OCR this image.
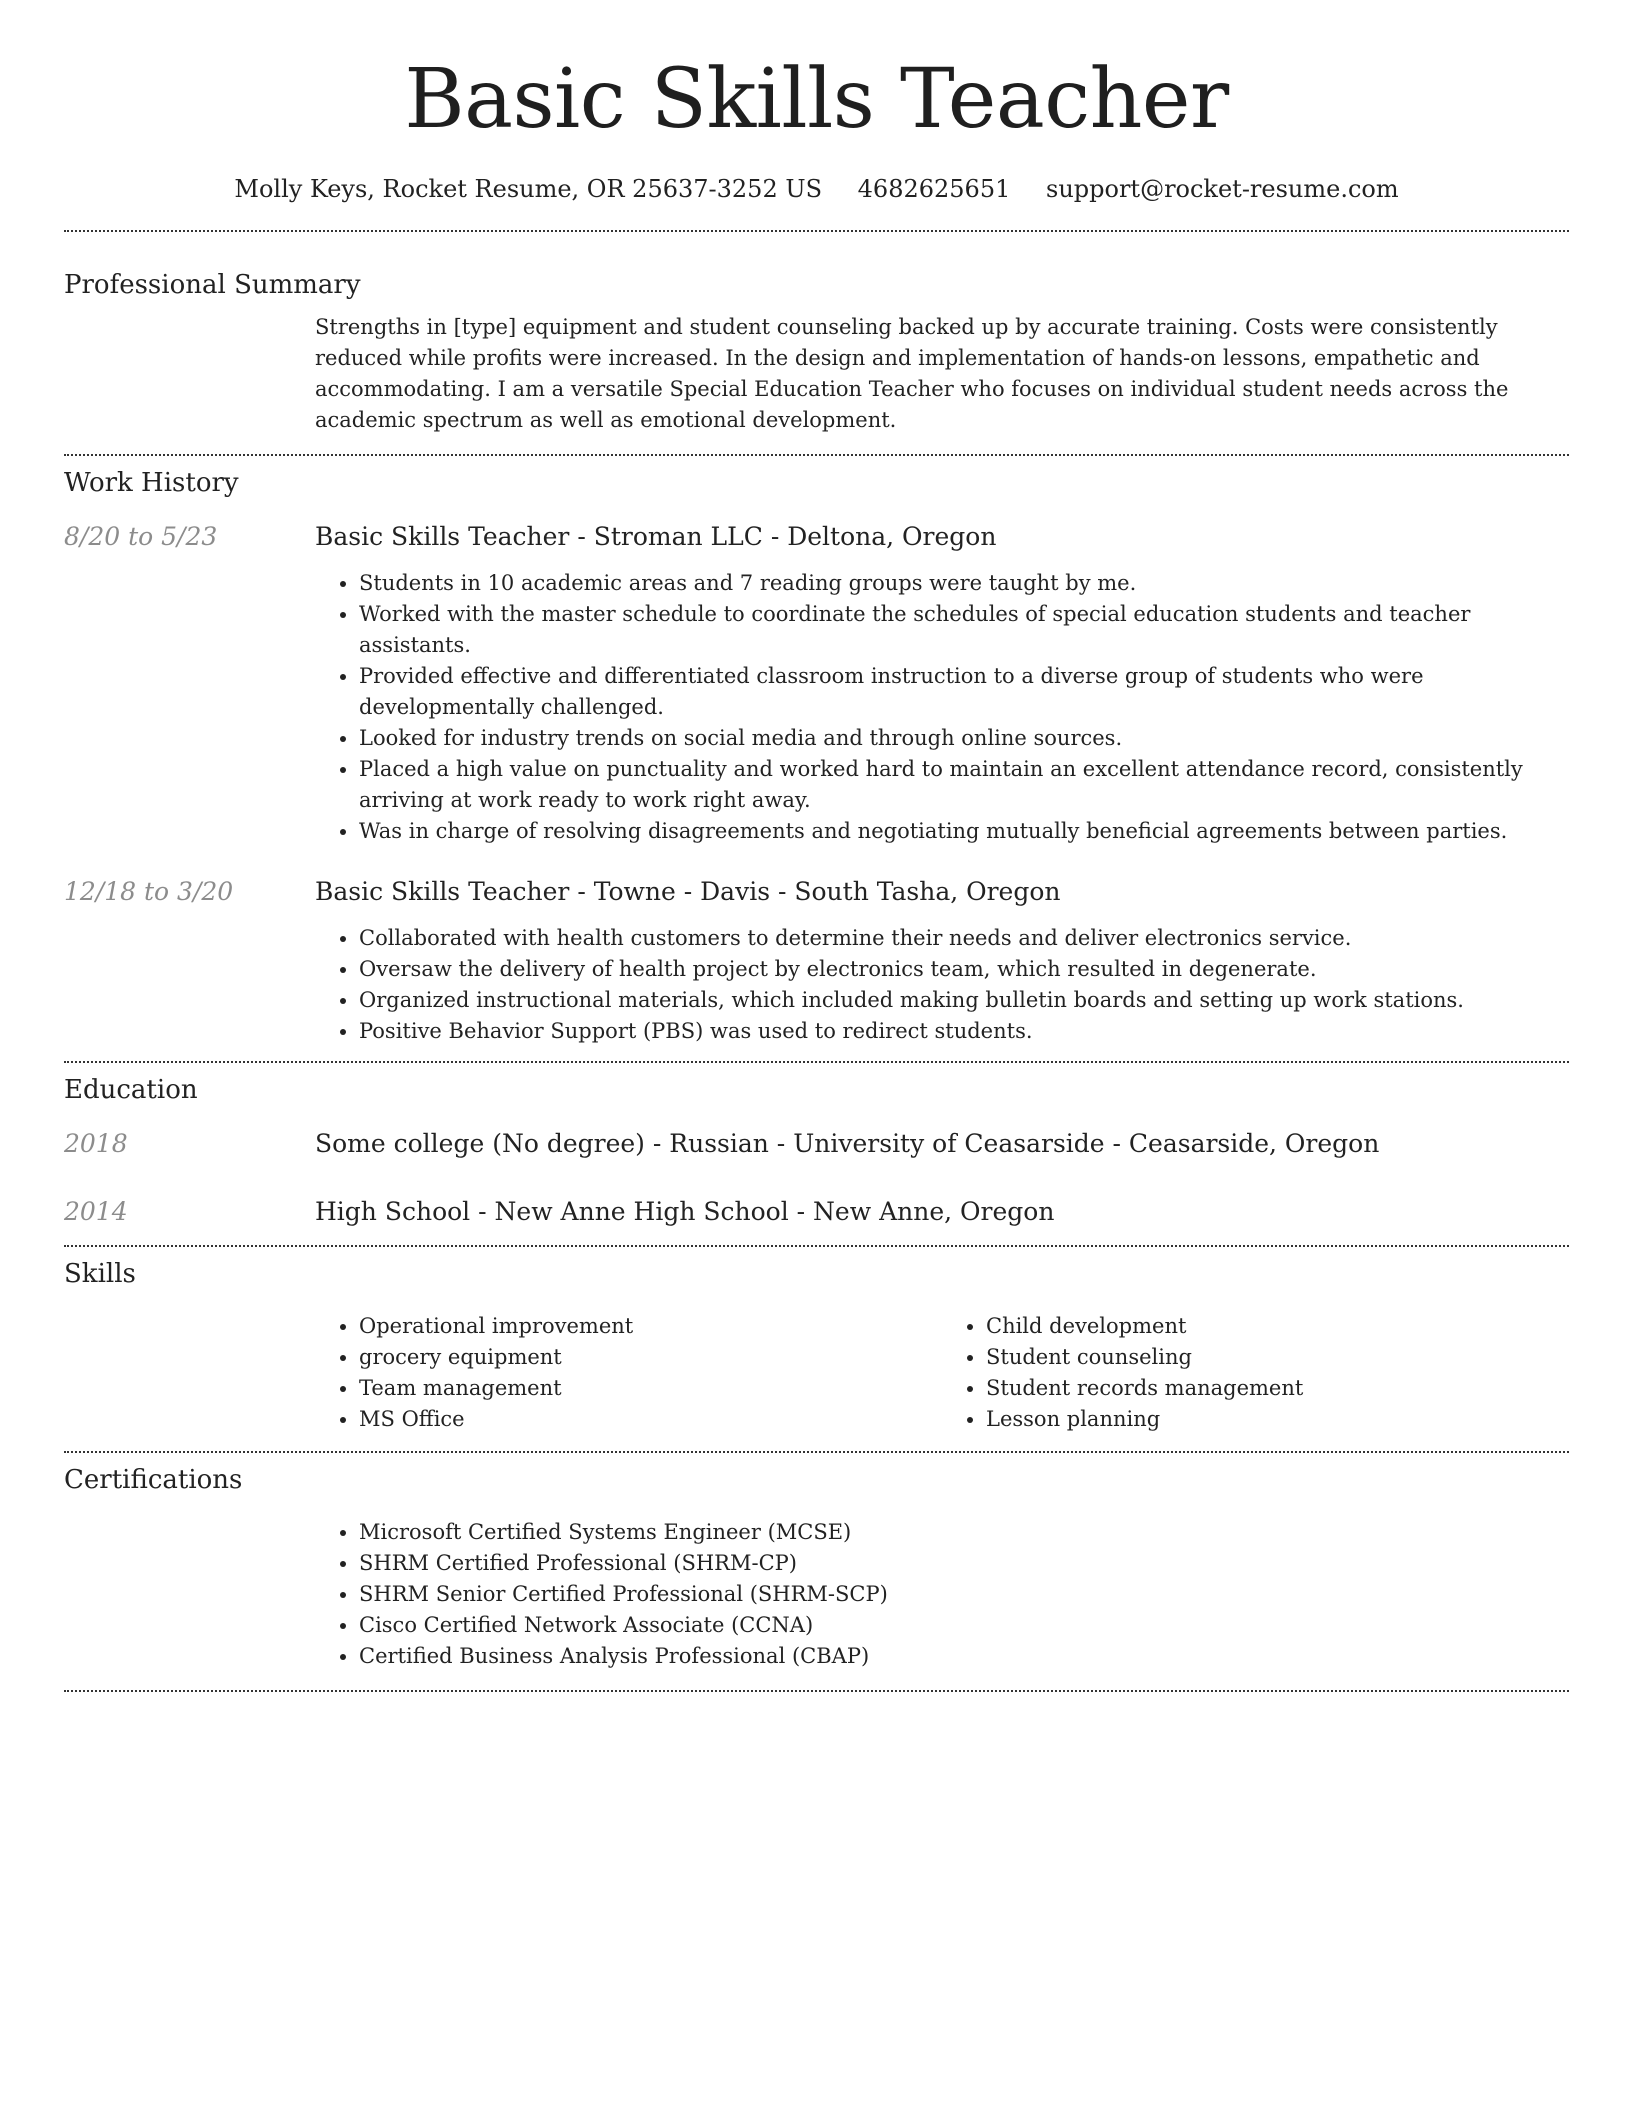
Basic Skills Teacher
Molly Keys, Rocket Resume, OR 25637-3252 US 4682625651 support@rocket-resume.com
Professional Summary

Strengths in [type] equipment and student counseling backed up by accurate training. Costs were consistently reduced while profits were increased. In the design and implementation of hands-on lessons, empathetic and accommodating. I am a versatile Special Education Teacher who focuses on individual student needs across the academic spectrum as well as emotional development.

Work History
8/20 to 5/23	Basic Skills Teacher - Stroman LLC - Deltona, Oregon
• Students in 10 academic areas and 7 reading groups were taught by me.
• Worked with the master schedule to coordinate the schedules of special education students and teacher assistants.
• Provided effective and differentiated classroom instruction to a diverse group of students who were developmentally challenged.
• Looked for industry trends on social media and through online sources.
• Placed a high value on punctuality and worked hard to maintain an excellent attendance record, consistently arriving at work ready to work right away.
• Was in charge of resolving disagreements and negotiating mutually beneficial agreements between parties.
12/18 to 3/20	Basic Skills Teacher - Towne - Davis - South Tasha, Oregon
• Collaborated with health customers to determine their needs and deliver electronics service.
• Oversaw the delivery of health project by electronics team, which resulted in degenerate.
• Organized instructional materials, which included making bulletin boards and setting up work stations.
• Positive Behavior Support (PBS) was used to redirect students.
Education
2018	Some college (No degree) - Russian - University of Ceasarside - Ceasarside, Oregon
2014	High School - New Anne High School - New Anne, Oregon
Skills
• Operational improvement
• grocery equipment
• Team management
• MS Office
• Child development
• Student counseling
• Student records management
• Lesson planning
Certifications
• Microsoft Certified Systems Engineer (MCSE)
• SHRM Certified Professional (SHRM-CP)
• SHRM Senior Certified Professional (SHRM-SCP)
• Cisco Certified Network Associate (CCNA)
• Certified Business Analysis Professional (CBAP)
